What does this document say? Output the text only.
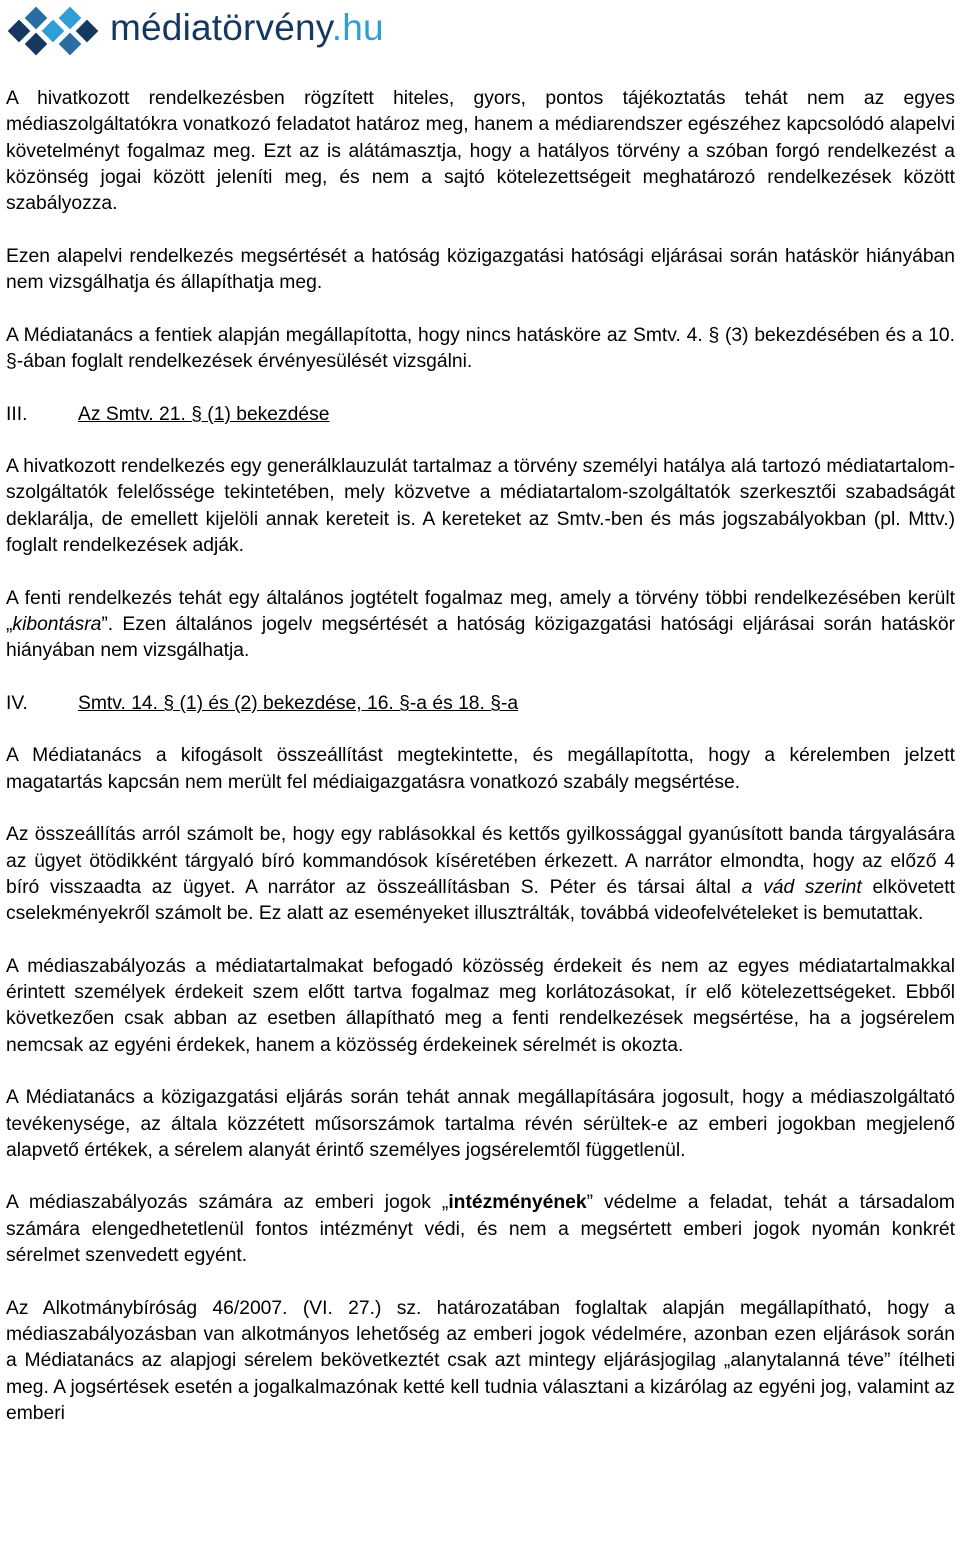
médiatörvény.hu

A hivatkozott rendelkezésben rögzített hiteles, gyors, pontos tájékoztatás tehát nem az egyes médiaszolgáltatókra vonatkozó feladatot határoz meg, hanem a médiarendszer egészéhez kapcsolódó alapelvi követelményt fogalmaz meg. Ezt az is alátámasztja, hogy a hatályos törvény a szóban forgó rendelkezést a közönség jogai között jeleníti meg, és nem a sajtó kötelezettségeit meghatározó rendelkezések között szabályozza.

Ezen alapelvi rendelkezés megsértését a hatóság közigazgatási hatósági eljárásai során hatáskör hiányában nem vizsgálhatja és állapíthatja meg.

A Médiatanács a fentiek alapján megállapította, hogy nincs hatásköre az Smtv. 4. § (3) bekezdésében és a 10. §-ában foglalt rendelkezések érvényesülését vizsgálni.

III.	Az Smtv. 21. § (1) bekezdése

A hivatkozott rendelkezés egy generálklauzulát tartalmaz a törvény személyi hatálya alá tartozó médiatartalom-szolgáltatók felelőssége tekintetében, mely közvetve a médiatartalom-szolgáltatók szerkesztői szabadságát deklarálja, de emellett kijelöli annak kereteit is. A kereteket az Smtv.-ben és más jogszabályokban (pl. Mttv.) foglalt rendelkezések adják.

A fenti rendelkezés tehát egy általános jogtételt fogalmaz meg, amely a törvény többi rendelkezésében került „kibontásra”. Ezen általános jogelv megsértését a hatóság közigazgatási hatósági eljárásai során hatáskör hiányában nem vizsgálhatja.

IV.	Smtv. 14. § (1) és (2) bekezdése, 16. §-a és 18. §-a

A Médiatanács a kifogásolt összeállítást megtekintette, és megállapította, hogy a kérelemben jelzett magatartás kapcsán nem merült fel médiaigazgatásra vonatkozó szabály megsértése.

Az összeállítás arról számolt be, hogy egy rablásokkal és kettős gyilkossággal gyanúsított banda tárgyalására az ügyet ötödikként tárgyaló bíró kommandósok kíséretében érkezett. A narrátor elmondta, hogy az előző 4 bíró visszaadta az ügyet. A narrátor az összeállításban S. Péter és társai által a vád szerint elkövetett cselekményekről számolt be. Ez alatt az eseményeket illusztrálták, továbbá videofelvételeket is bemutattak.

A médiaszabályozás a médiatartalmakat befogadó közösség érdekeit és nem az egyes médiatartalmakkal érintett személyek érdekeit szem előtt tartva fogalmaz meg korlátozásokat, ír elő kötelezettségeket. Ebből következően csak abban az esetben állapítható meg a fenti rendelkezések megsértése, ha a jogsérelem nemcsak az egyéni érdekek, hanem a közösség érdekeinek sérelmét is okozta.

A Médiatanács a közigazgatási eljárás során tehát annak megállapítására jogosult, hogy a médiaszolgáltató tevékenysége, az általa közzétett műsorszámok tartalma révén sérültek-e az emberi jogokban megjelenő alapvető értékek, a sérelem alanyát érintő személyes jogsérelemtől függetlenül.

A médiaszabályozás számára az emberi jogok „intézményének” védelme a feladat, tehát a társadalom számára elengedhetetlenül fontos intézményt védi, és nem a megsértett emberi jogok nyomán konkrét sérelmet szenvedett egyént.

Az Alkotmánybíróság 46/2007. (VI. 27.) sz. határozatában foglaltak alapján megállapítható, hogy a médiaszabályozásban van alkotmányos lehetőség az emberi jogok védelmére, azonban ezen eljárások során a Médiatanács az alapjogi sérelem bekövetkeztét csak azt mintegy eljárásjogilag „alanytalanná téve” ítélheti meg. A jogsértések esetén a jogalkalmazónak ketté kell tudnia választani a kizárólag az egyéni jog, valamint az emberi
